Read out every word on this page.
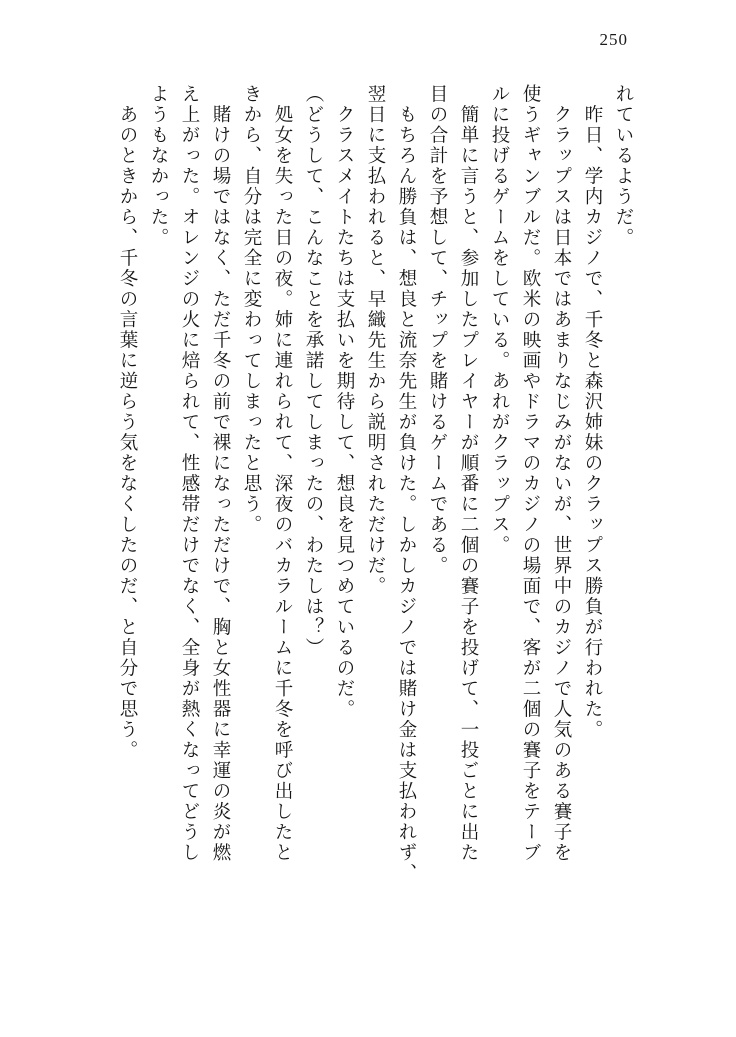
250
れているようだ。
　昨日、学内カジノで、千冬と森沢姉妹のクラップス勝負が行われた。
　クラップスは日本ではあまりなじみがないが、世界中のカジノで人気のある賽子を
使うギャンブルだ。欧米の映画やドラマのカジノの場面で、客が二個の賽子をテーブ
ルに投げるゲームをしている。あれがクラップス。
　簡単に言うと、参加したプレイヤーが順番に二個の賽子を投げて、一投ごとに出た
目の合計を予想して、チップを賭けるゲームである。
　もちろん勝負は、想良と流奈先生が負けた。しかしカジノでは賭け金は支払われず、
翌日に支払われると、早織先生から説明されただけだ。
　クラスメイトたちは支払いを期待して、想良を見つめているのだ。
（どうして、こんなことを承諾してしまったの、わたしは？）
　処女を失った日の夜。姉に連れられて、深夜のバカラルームに千冬を呼び出したと
きから、自分は完全に変わってしまったと思う。
　賭けの場ではなく、ただ千冬の前で裸になっただけで、胸と女性器に幸運の炎が燃
え上がった。オレンジの火に焙られて、性感帯だけでなく、全身が熱くなってどうし
ようもなかった。
　あのときから、千冬の言葉に逆らう気をなくしたのだ、と自分で思う。
